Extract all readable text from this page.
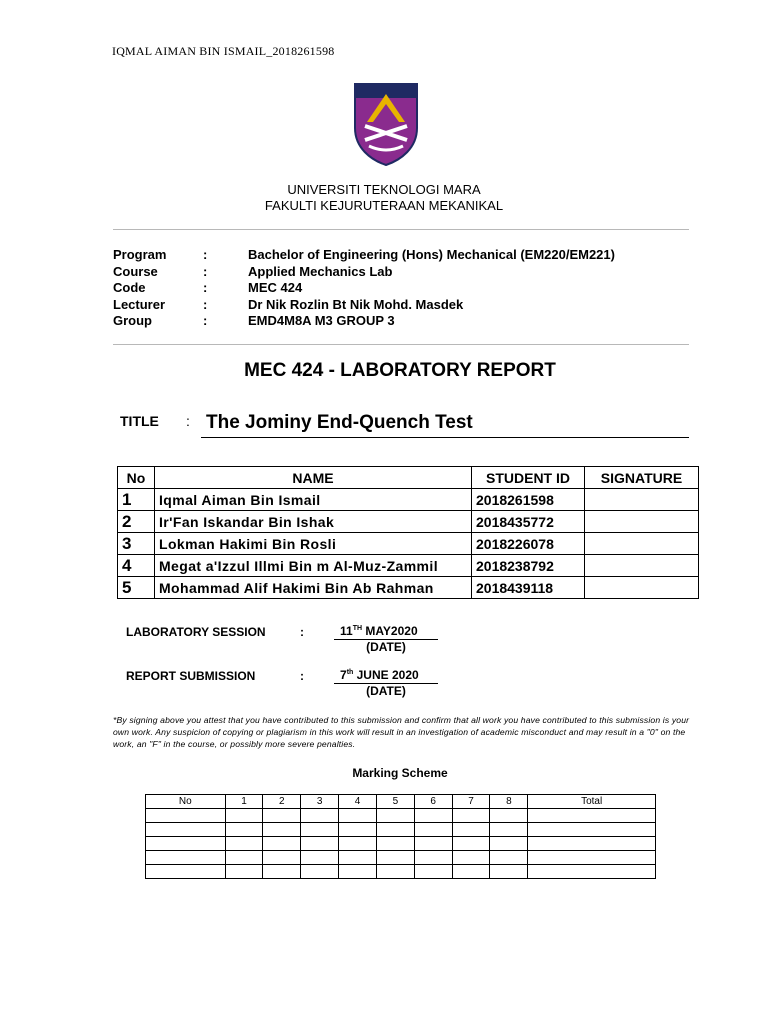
IQMAL AIMAN BIN ISMAIL_2018261598
UNIVERSITI TEKNOLOGI MARA
FAKULTI KEJURUTERAAN MEKANIKAL
Program	:	Bachelor of Engineering (Hons) Mechanical (EM220/EM221)
Course	:	Applied Mechanics Lab
Code	:	MEC 424
Lecturer	:	Dr Nik Rozlin Bt Nik Mohd. Masdek
Group	:	EMD4M8A M3 GROUP 3
MEC 424 - LABORATORY REPORT
TITLE : The Jominy End-Quench Test
No	NAME	STUDENT ID	SIGNATURE
1	Iqmal Aiman Bin Ismail	2018261598	
2	Ir'Fan Iskandar Bin Ishak	2018435772	
3	Lokman Hakimi Bin Rosli	2018226078	
4	Megat a'Izzul Illmi Bin m Al-Muz-Zammil	2018238792	
5	Mohammad Alif Hakimi Bin Ab Rahman	2018439118	
LABORATORY SESSION	:	11TH MAY2020
(DATE)
REPORT SUBMISSION	:	7th JUNE 2020
(DATE)
*By signing above you attest that you have contributed to this submission and confirm that all work you have contributed to this submission is your own work. Any suspicion of copying or plagiarism in this work will result in an investigation of academic misconduct and may result in a "0" on the work, an "F" in the course, or possibly more severe penalties.
Marking Scheme
No	1	2	3	4	5	6	7	8	Total
